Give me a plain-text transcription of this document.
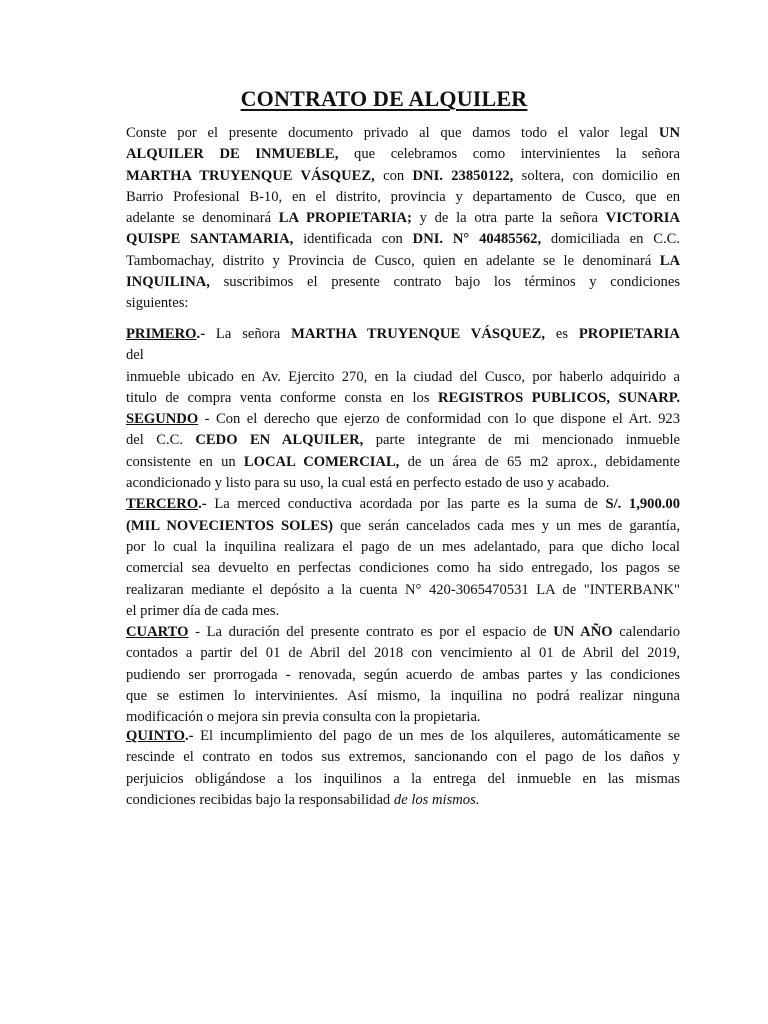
CONTRATO DE ALQUILER
Conste por el presente documento privado al que damos todo el valor legal UN
ALQUILER DE INMUEBLE, que celebramos como intervinientes la señora
MARTHA TRUYENQUE VÁSQUEZ, con DNI. 23850122, soltera, con domicilio en
Barrio Profesional B-10, en el distrito, provincia y departamento de Cusco, que en
adelante se denominará LA PROPIETARIA; y de la otra parte la señora VICTORIA
QUISPE SANTAMARIA, identificada con DNI. N° 40485562, domiciliada en C.C.
Tambomachay, distrito y Provincia de Cusco, quien en adelante se le denominará LA
INQUILINA, suscribimos el presente contrato bajo los términos y condiciones
siguientes:
PRIMERO.- La señora MARTHA TRUYENQUE VÁSQUEZ, es PROPIETARIA
del
inmueble ubicado en Av. Ejercito 270, en la ciudad del Cusco, por haberlo adquirido a
titulo de compra venta conforme consta en los REGISTROS PUBLICOS, SUNARP.
SEGUNDO - Con el derecho que ejerzo de conformidad con lo que dispone el Art. 923
del C.C. CEDO EN ALQUILER, parte integrante de mi mencionado inmueble
consistente en un LOCAL COMERCIAL, de un área de 65 m2 aprox., debidamente
acondicionado y listo para su uso, la cual está en perfecto estado de uso y acabado.
TERCERO.- La merced conductiva acordada por las parte es la suma de S/. 1,900.00
(MIL NOVECIENTOS SOLES) que serán cancelados cada mes y un mes de garantía,
por lo cual la inquilina realizara el pago de un mes adelantado, para que dicho local
comercial sea devuelto en perfectas condiciones como ha sido entregado, los pagos se
realizaran mediante el depósito a la cuenta N° 420-3065470531 LA de "INTERBANK"
el primer día de cada mes.
CUARTO - La duración del presente contrato es por el espacio de UN AÑO calendario
contados a partir del 01 de Abril del 2018 con vencimiento al 01 de Abril del 2019,
pudiendo ser prorrogada - renovada, según acuerdo de ambas partes y las condiciones
que se estimen lo intervinientes. Así mismo, la inquilina no podrá realizar ninguna
modificación o mejora sin previa consulta con la propietaria.
QUINTO.- El incumplimiento del pago de un mes de los alquileres, automáticamente se
rescinde el contrato en todos sus extremos, sancionando con el pago de los daños y
perjuicios obligándose a los inquilinos a la entrega del inmueble en las mismas
condiciones recibidas bajo la responsabilidad de los mismos.
